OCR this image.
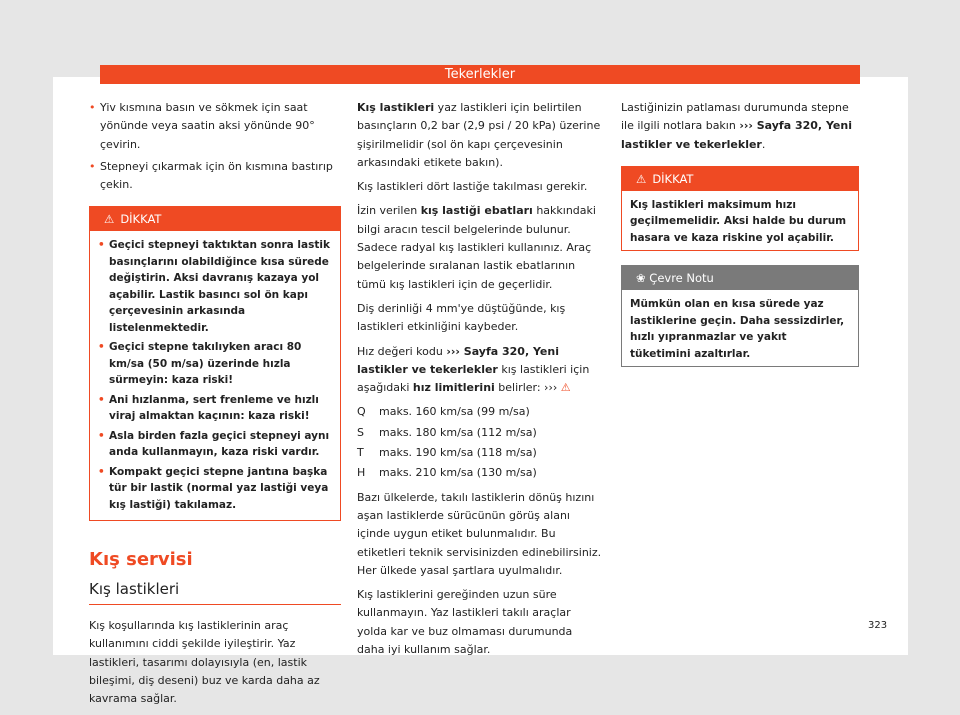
Tekerlekler

• Yiv kısmına basın ve sökmek için saat yönünde veya saatin aksi yönünde 90° çevirin.

• Stepneyi çıkarmak için ön kısmına bastırıp çekin.

⚠ DİKKAT
• Geçici stepneyi taktıktan sonra lastik basınçlarını olabildiğince kısa sürede değiştirin. Aksi davranış kazaya yol açabilir. Lastik basıncı sol ön kapı çerçevesinin arkasında listelenmektedir.
• Geçici stepne takılıyken aracı 80 km/sa (50 m/sa) üzerinde hızla sürmeyin: kaza riski!
• Ani hızlanma, sert frenleme ve hızlı viraj almaktan kaçının: kaza riski!
• Asla birden fazla geçici stepneyi aynı anda kullanmayın, kaza riski vardır.
• Kompakt geçici stepne jantına başka tür bir lastik (normal yaz lastiği veya kış lastiği) takılamaz.
Kış servisi
Kış lastikleri

Kış koşullarında kış lastiklerinin araç kullanımını ciddi şekilde iyileştirir. Yaz lastikleri, tasarımı dolayısıyla (en, lastik bileşimi, diş deseni) buz ve karda daha az kavrama sağlar.

Kış lastikleri yaz lastikleri için belirtilen basınçların 0,2 bar (2,9 psi / 20 kPa) üzerine şişirilmelidir (sol ön kapı çerçevesinin arkasındaki etikete bakın).

Kış lastikleri dört lastiğe takılması gerekir.

İzin verilen kış lastiği ebatları hakkındaki bilgi aracın tescil belgelerinde bulunur. Sadece radyal kış lastikleri kullanınız. Araç belgelerinde sıralanan lastik ebatlarının tümü kış lastikleri için de geçerlidir.

Diş derinliği 4 mm'ye düştüğünde, kış lastikleri etkinliğini kaybeder.

Hız değeri kodu ››› Sayfa 320, Yeni lastikler ve tekerlekler kış lastikleri için aşağıdaki hız limitlerini belirler: ››› ⚠

Q	maks. 160 km/sa (99 m/sa)
S	maks. 180 km/sa (112 m/sa)
T	maks. 190 km/sa (118 m/sa)
H	maks. 210 km/sa (130 m/sa)

Bazı ülkelerde, takılı lastiklerin dönüş hızını aşan lastiklerde sürücünün görüş alanı içinde uygun etiket bulunmalıdır. Bu etiketleri teknik servisinizden edinebilirsiniz. Her ülkede yasal şartlara uyulmalıdır.

Kış lastiklerini gereğinden uzun süre kullanmayın. Yaz lastikleri takılı araçlar yolda kar ve buz olmaması durumunda daha iyi kullanım sağlar.

Lastiğinizin patlaması durumunda stepne ile ilgili notlara bakın ››› Sayfa 320, Yeni lastikler ve tekerlekler.

⚠ DİKKAT
Kış lastikleri maksimum hızı geçilmemelidir. Aksi halde bu durum hasara ve kaza riskine yol açabilir.
❀ Çevre Notu
Mümkün olan en kısa sürede yaz lastiklerine geçin. Daha sessizdirler, hızlı yıpranmazlar ve yakıt tüketimini azaltırlar.
323
